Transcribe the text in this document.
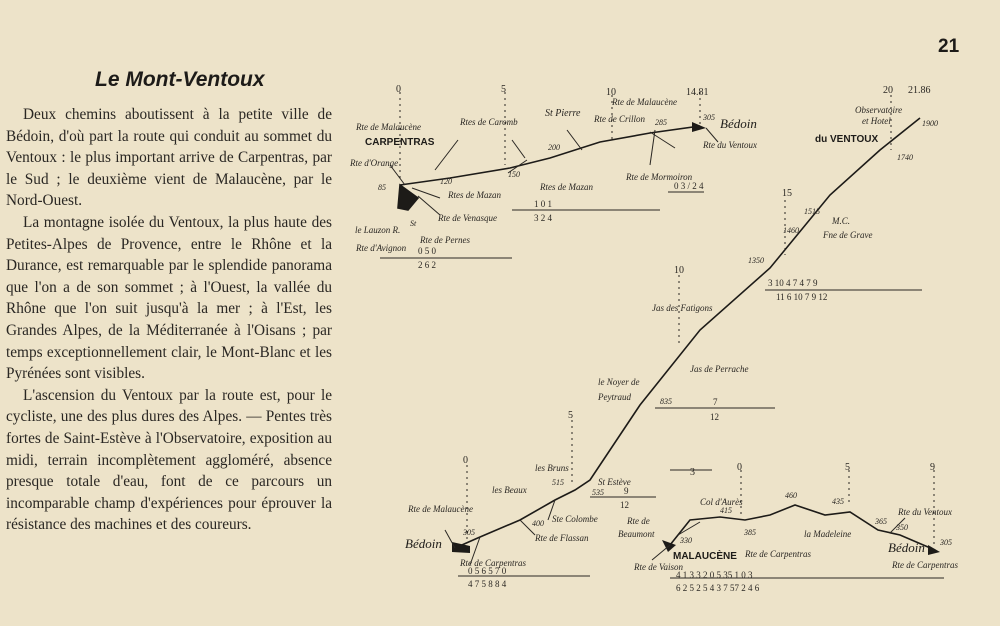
21
Le Mont-Ventoux

Deux chemins aboutissent à la petite ville de Bédoin, d'où part la route qui conduit au sommet du Ventoux : le plus important arrive de Carpentras, par le Sud ; le deuxième vient de Malaucène, par le Nord-Ouest.

La montagne isolée du Ventoux, la plus haute des Petites-Alpes de Provence, entre le Rhône et la Durance, est remarquable par le splendide panorama que l'on a de son sommet ; à l'Ouest, la vallée du Rhône que l'on suit jusqu'à la mer ; à l'Est, les Grandes Alpes, de la Méditerranée à l'Oisans ; par temps exceptionnellement clair, le Mont-Blanc et les Pyrénées sont visibles.

L'ascension du Ventoux par la route est, pour le cycliste, une des plus dures des Alpes. — Pentes très fortes de Saint-Estève à l'Observatoire, exposition au midi, terrain incomplètement aggloméré, absence presque totale d'eau, font de ce parcours un incomparable champ d'expériences pour éprouver la résistance des machines et des coureurs.

0	5	10	14.81
Rte de Malaucène
CARPENTRAS
Rte d'Orange
85
120
150
200
285
305
Rtes de Caromb
St Pierre
Rte de Malaucène
Rte de Crillon	Bédoin
Rte du Ventoux
Rtes de Mazan
Rtes de Mazan
Rte de Mormoiron
Rte de Venasque
St
le Lauzon R.
Rte de Pernes
Rte d'Avignon 0 5 0
2 6 2
1 0 1
3 2 4
0 3 / 2 4
20 21.86
15
10
5
0
Observatoire
et Hotel
du VENTOUX
1900
1740
1515
1460
M.C.
Fne de Grave
1350
3 10 4 7 4 7 9
11 6 10 7 9 12
Jas des Fatigons
Jas de Perrache
le Noyer de
Peytraud	835	7
12
les Bruns
515	St Estève
535 9
12
les Beaux
400 Ste Colombe
Rte de Malaucène
305
Bédoin	Rte de Flassan
Rte de Carpentras
0 5 6 5 7 0
4 7 5 8 8 4
0	5	9
3
Col d'Aurès
415
460
435
385
365
350
305
330
Rte de
Beaumont
MALAUCÈNE Rte de Carpentras
la Madeleine
Rte du Ventoux
Bédoin
Rte de Vaison	Rte de Carpentras
4 1 3 3 2 0 5 35 1 0 3
6 2 5 2 5 4 3 7 57 2 4 6
